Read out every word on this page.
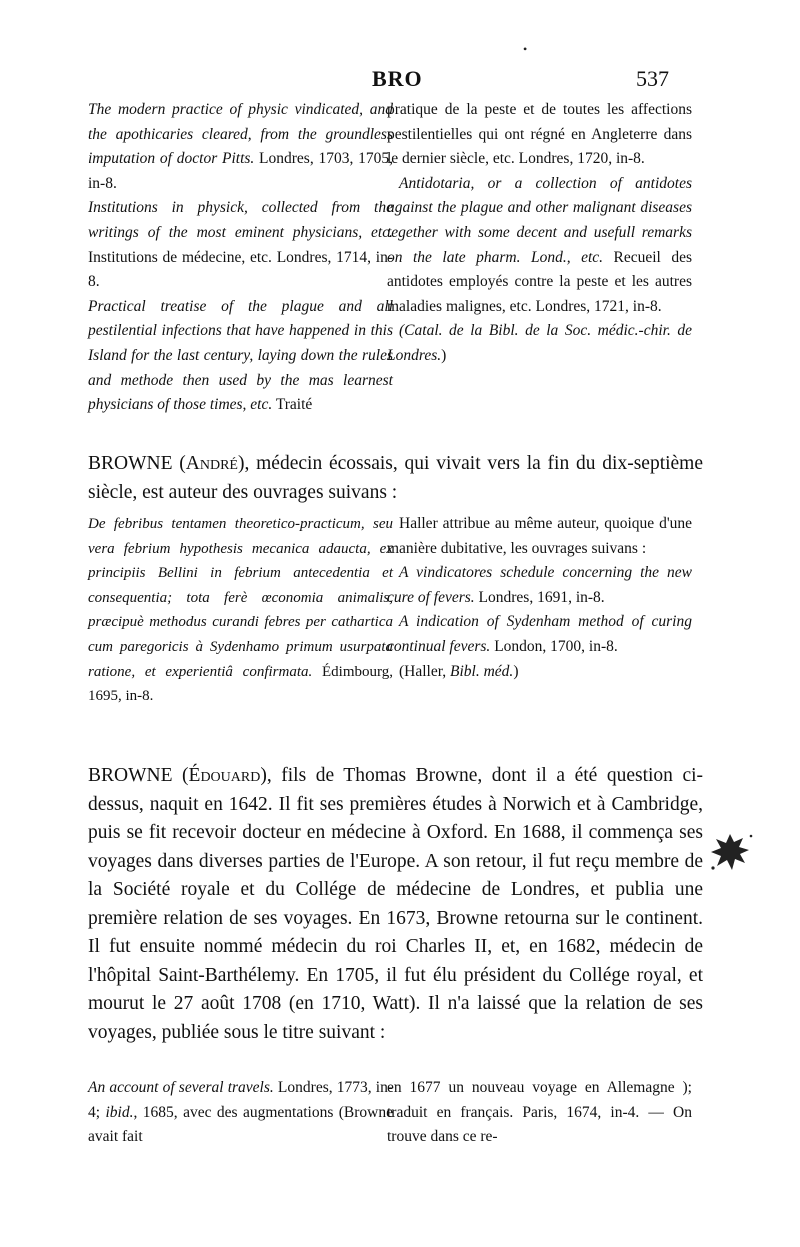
BRO	537

The modern practice of physic vindicated, and the apothicaries cleared, from the groundless imputation of doctor Pitts. Londres, 1703, 1705, in-8.

Institutions in physick, collected from the writings of the most eminent physicians, etc. Institutions de médecine, etc. Londres, 1714, in-8.

Practical treatise of the plague and all pestilential infections that have happened in this Island for the last century, laying down the rules and methode then used by the mas learnest physicians of those times, etc. Traité

pratique de la peste et de toutes les affections pestilentielles qui ont régné en Angleterre dans le dernier siècle, etc. Londres, 1720, in-8.

Antidotaria, or a collection of antidotes against the plague and other malignant diseases tegether with some decent and usefull remarks on the late pharm. Lond., etc. Recueil des antidotes employés contre la peste et les autres maladies malignes, etc. Londres, 1721, in-8.

(Catal. de la Bibl. de la Soc. médic.-chir. de Londres.)

BROWNE (André), médecin écossais, qui vivait vers la fin du dix-septième siècle, est auteur des ouvrages suivans :

De febribus tentamen theoretico-practicum, seu vera febrium hypothesis mecanica adaucta, ex principiis Bellini in febrium antecedentia et consequentia; tota ferè œconomia animalis, præcipuè methodus curandi febres per cathartica cum paregoricis à Sydenhamo primum usurpata ratione, et experientiâ confirmata. Édimbourg, 1695, in-8.

Haller attribue au même auteur, quoique d'une manière dubitative, les ouvrages suivans :

A vindicatores schedule concerning the new cure of fevers. Londres, 1691, in-8.

A indication of Sydenham method of curing continual fevers. London, 1700, in-8.

(Haller, Bibl. méd.)

BROWNE (Édouard), fils de Thomas Browne, dont il a été question ci-dessus, naquit en 1642. Il fit ses premières études à Norwich et à Cambridge, puis se fit recevoir docteur en médecine à Oxford. En 1688, il commença ses voyages dans diverses parties de l'Europe. A son retour, il fut reçu membre de la Société royale et du Collége de médecine de Londres, et publia une première relation de ses voyages. En 1673, Browne retourna sur le continent. Il fut ensuite nommé médecin du roi Charles II, et, en 1682, médecin de l'hôpital Saint-Barthélemy. En 1705, il fut élu président du Collége royal, et mourut le 27 août 1708 (en 1710, Watt). Il n'a laissé que la relation de ses voyages, publiée sous le titre suivant :

•

An account of several travels. Londres, 1773, in-4; ibid., 1685, avec des augmentations (Browne avait fait

en 1677 un nouveau voyage en Allemagne ); traduit en français. Paris, 1674, in-4. — On trouve dans ce re-
